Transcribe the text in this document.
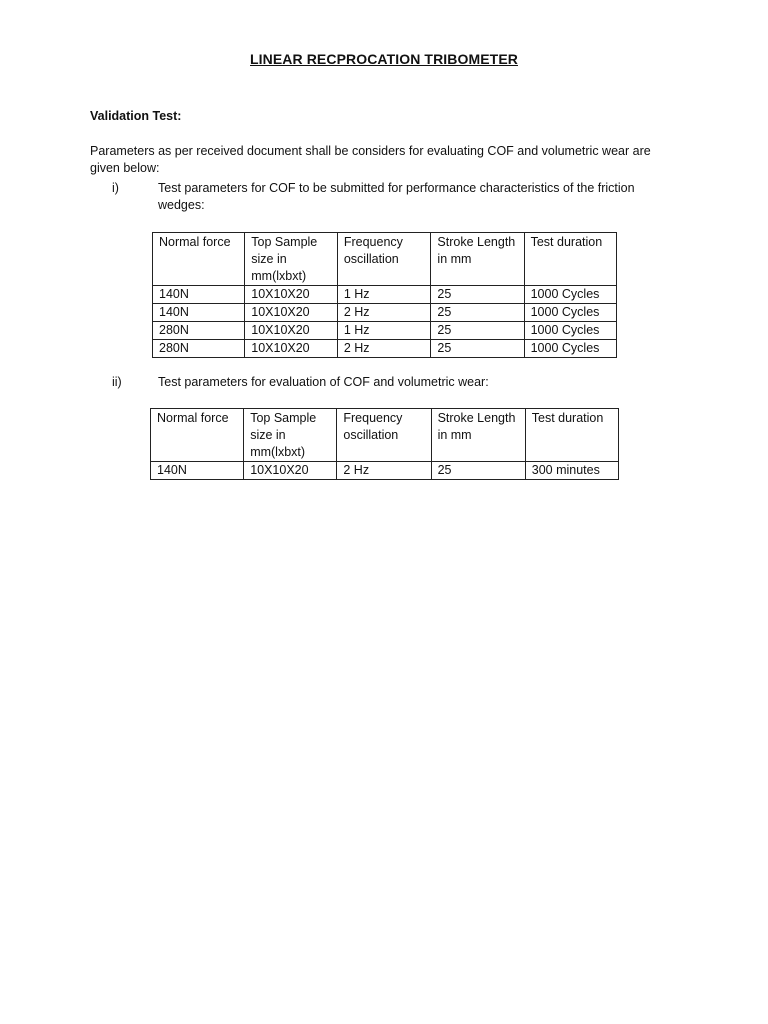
LINEAR RECPROCATION TRIBOMETER
Validation Test:
Parameters as per received document shall be considers for evaluating COF and volumetric wear are given below:
i)	Test parameters for COF to be submitted for performance characteristics of the friction wedges:
Normal force	Top Sample size in mm(lxbxt)	Frequency oscillation	Stroke Length in mm	Test duration
140N	10X10X20	1 Hz	25	1000 Cycles
140N	10X10X20	2 Hz	25	1000 Cycles
280N	10X10X20	1 Hz	25	1000 Cycles
280N	10X10X20	2 Hz	25	1000 Cycles
ii)	Test parameters for evaluation of COF and volumetric wear:
Normal force	Top Sample size in mm(lxbxt)	Frequency oscillation	Stroke Length in mm	Test duration
140N	10X10X20	2 Hz	25	300 minutes
